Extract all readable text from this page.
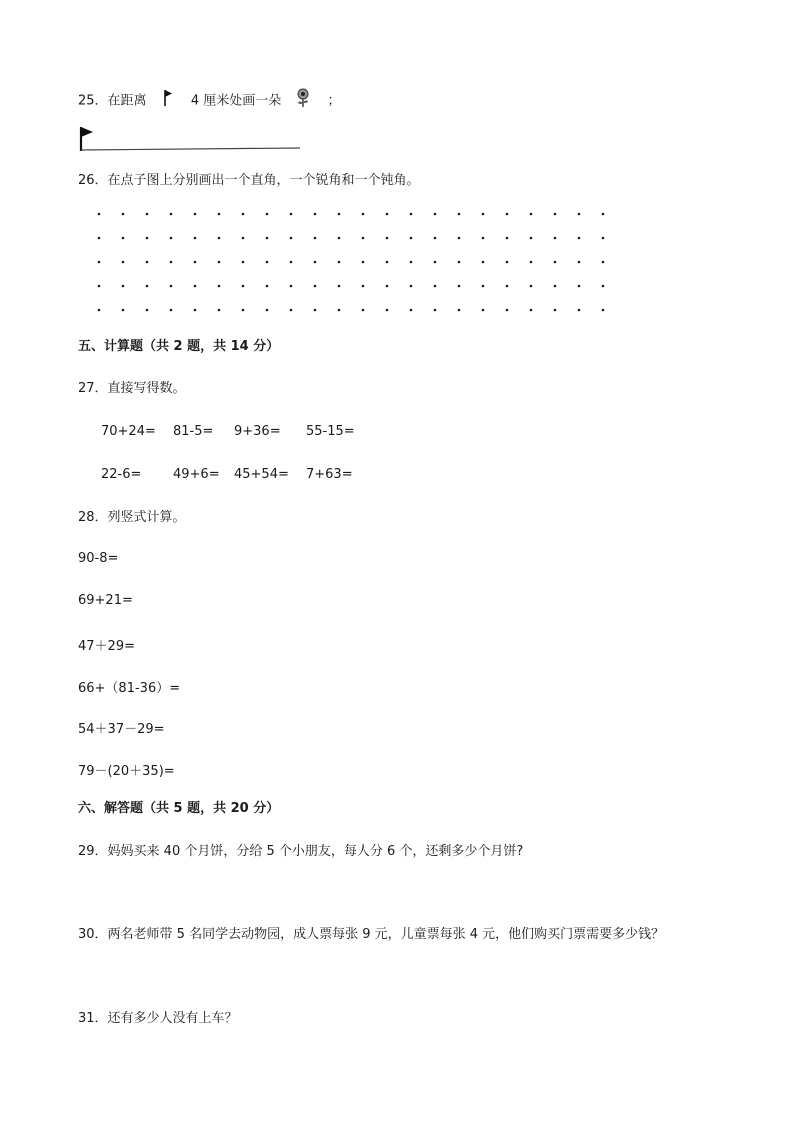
25．在距离	4 厘米处画一朵	；
26．在点子图上分别画出一个直角，一个锐角和一个钝角。
五、计算题（共 2 题，共 14 分）
27．直接写得数。
70+24= 81-5= 9+36= 55-15=
22-6= 49+6= 45+54= 7+63=
28．列竖式计算。
90-8=
69+21=
47＋29=
66+（81-36）=
54＋37－29=
79－(20＋35)=
六、解答题（共 5 题，共 20 分）
29．妈妈买来 40 个月饼，分给 5 个小朋友，每人分 6 个，还剩多少个月饼?
30．两名老师带 5 名同学去动物园，成人票每张 9 元，儿童票每张 4 元，他们购买门票需要多少钱？
31．还有多少人没有上车？
